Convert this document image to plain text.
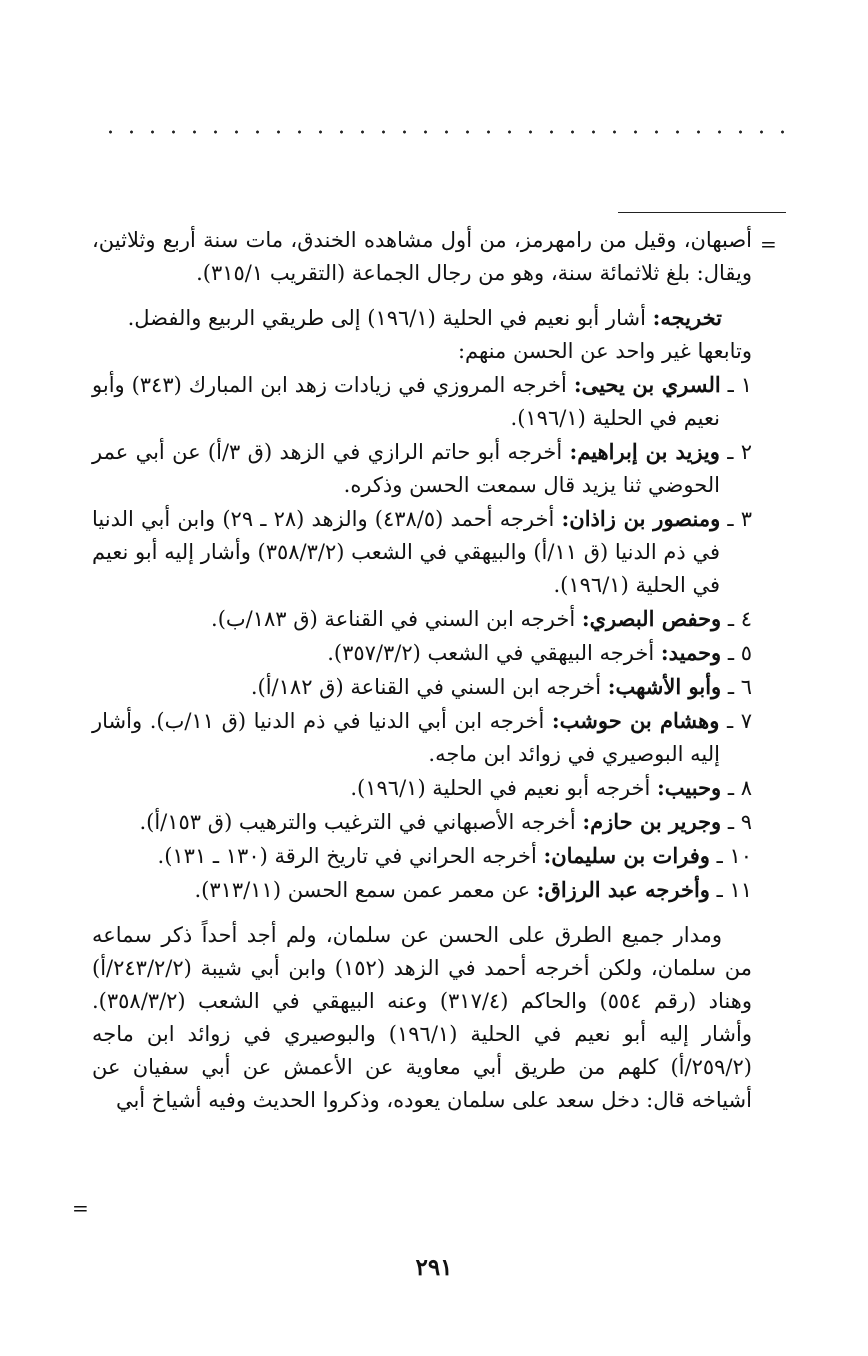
=
=

أصبهان، وقيل من رامهرمز، من أول مشاهده الخندق، مات سنة أربع وثلاثين، ويقال: بلغ ثلاثمائة سنة، وهو من رجال الجماعة (التقريب ٣١٥/١).

تخريجه: أشار أبو نعيم في الحلية (١٩٦/١) إلى طريقي الربيع والفضل.

وتابعها غير واحد عن الحسن منهم:

١ ـ السري بن يحيى: أخرجه المروزي في زيادات زهد ابن المبارك (٣٤٣) وأبو نعيم في الحلية (١٩٦/١).

٢ ـ ويزيد بن إبراهيم: أخرجه أبو حاتم الرازي في الزهد (ق ٣/أ) عن أبي عمر الحوضي ثنا يزيد قال سمعت الحسن وذكره.

٣ ـ ومنصور بن زاذان: أخرجه أحمد (٤٣٨/٥) والزهد (٢٨ ـ ٢٩) وابن أبي الدنيا في ذم الدنيا (ق ١١/أ) والبيهقي في الشعب (٣٥٨/٣/٢) وأشار إليه أبو نعيم في الحلية (١٩٦/١).

٤ ـ وحفص البصري: أخرجه ابن السني في القناعة (ق ١٨٣/ب).

٥ ـ وحميد: أخرجه البيهقي في الشعب (٣٥٧/٣/٢).

٦ ـ وأبو الأشهب: أخرجه ابن السني في القناعة (ق ١٨٢/أ).

٧ ـ وهشام بن حوشب: أخرجه ابن أبي الدنيا في ذم الدنيا (ق ١١/ب). وأشار إليه البوصيري في زوائد ابن ماجه.

٨ ـ وحبيب: أخرجه أبو نعيم في الحلية (١٩٦/١).

٩ ـ وجرير بن حازم: أخرجه الأصبهاني في الترغيب والترهيب (ق ١٥٣/أ).

١٠ ـ وفرات بن سليمان: أخرجه الحراني في تاريخ الرقة (١٣٠ ـ ١٣١).

١١ ـ وأخرجه عبد الرزاق: عن معمر عمن سمع الحسن (٣١٣/١١).

ومدار جميع الطرق على الحسن عن سلمان، ولم أجد أحداً ذكر سماعه من سلمان، ولكن أخرجه أحمد في الزهد (١٥٢) وابن أبي شيبة (٢٤٣/٢/٢/أ) وهناد (رقم ٥٥٤) والحاكم (٣١٧/٤) وعنه البيهقي في الشعب (٣٥٨/٣/٢). وأشار إليه أبو نعيم في الحلية (١٩٦/١) والبوصيري في زوائد ابن ماجه (٢٥٩/٢/أ) كلهم من طريق أبي معاوية عن الأعمش عن أبي سفيان عن أشياخه قال: دخل سعد على سلمان يعوده، وذكروا الحديث وفيه أشياخ أبي

٢٩١
